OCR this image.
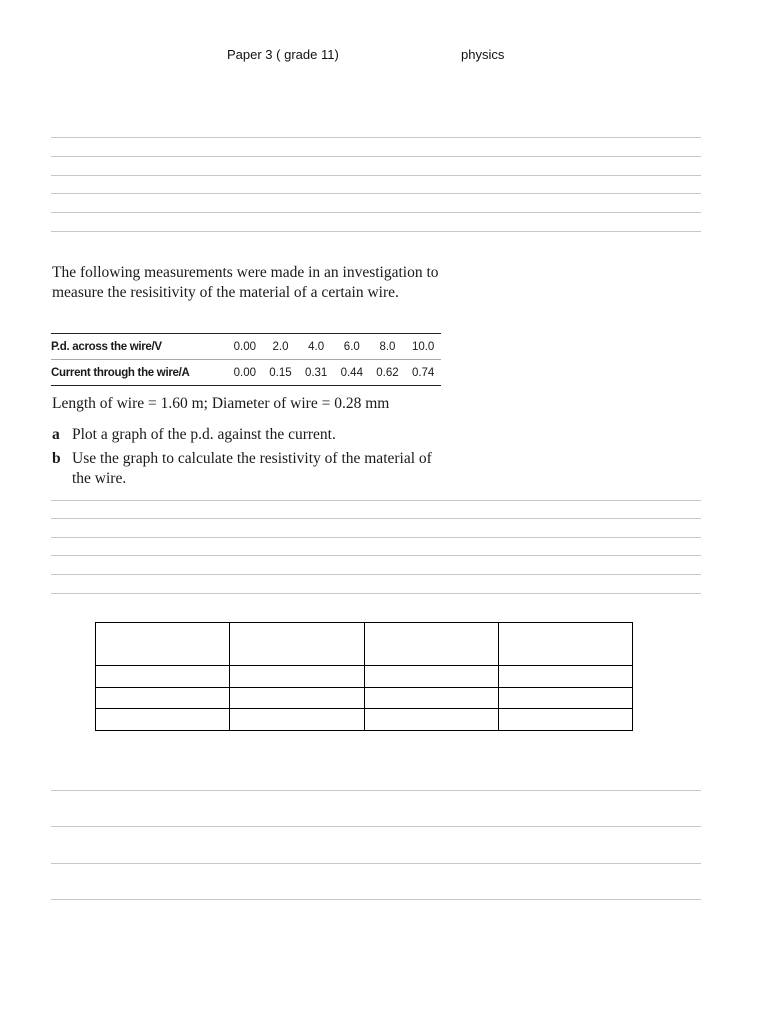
Paper 3 ( grade 11)	physics
The following measurements were made in an investigation to measure the resisitivity of the material of a certain wire.
P.d. across the wire/V	0.00	2.0	4.0	6.0	8.0	10.0
Current through the wire/A	0.00	0.15	0.31	0.44	0.62	0.74
Length of wire = 1.60 m; Diameter of wire = 0.28 mm
a Plot a graph of the p.d. against the current.
b Use the graph to calculate the resistivity of the material of the wire.
